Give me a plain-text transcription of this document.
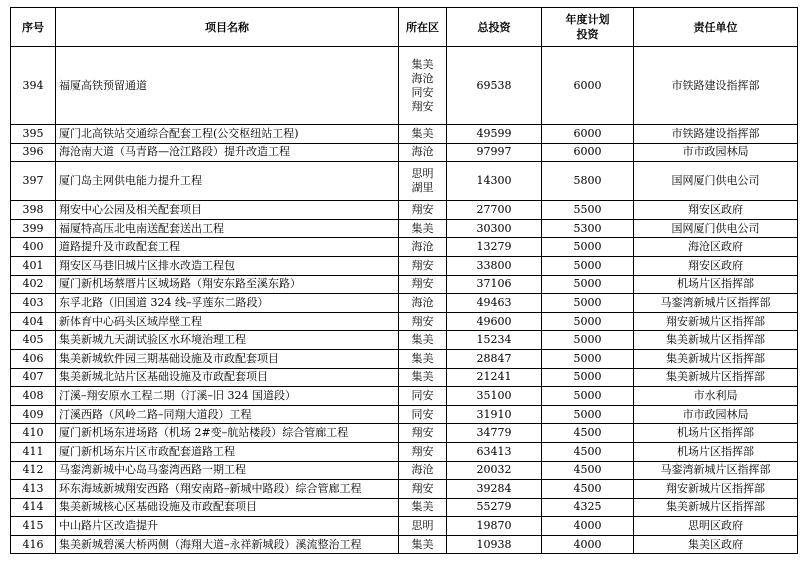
序号	项目名称	所在区	总投资	年度计划投资	责任单位
394	福厦高铁预留通道	集美
海沧
同安
翔安	69538	6000	市铁路建设指挥部
395	厦门北高铁站交通综合配套工程(公交枢纽站工程)	集美	49599	6000	市铁路建设指挥部
396	海沧南大道（马青路—沧江路段）提升改造工程	海沧	97997	6000	市市政园林局
397	厦门岛主网供电能力提升工程	思明
湖里	14300	5800	国网厦门供电公司
398	翔安中心公园及相关配套项目	翔安	27700	5500	翔安区政府
399	福厦特高压北电南送配套送出工程	集美	30300	5300	国网厦门供电公司
400	道路提升及市政配套工程	海沧	13279	5000	海沧区政府
401	翔安区马巷旧城片区排水改造工程包	翔安	33800	5000	翔安区政府
402	厦门新机场蔡厝片区城场路（翔安东路至溪东路）	翔安	37106	5000	机场片区指挥部
403	东孚北路（旧国道 324 线–孚莲东二路段）	海沧	49463	5000	马銮湾新城片区指挥部
404	新体育中心码头区域岸壁工程	翔安	49600	5000	翔安新城片区指挥部
405	集美新城九天湖试验区水环境治理工程	集美	15234	5000	集美新城片区指挥部
406	集美新城软件园三期基础设施及市政配套项目	集美	28847	5000	集美新城片区指挥部
407	集美新城北站片区基础设施及市政配套项目	集美	21241	5000	集美新城片区指挥部
408	汀溪–翔安原水工程二期（汀溪–旧 324 国道段）	同安	35100	5000	市水利局
409	汀溪西路（风岭二路–同翔大道段）工程	同安	31910	5000	市市政园林局
410	厦门新机场东进场路（机场 2#变–航站楼段）综合管廊工程	翔安	34779	4500	机场片区指挥部
411	厦门新机场东片区市政配套道路工程	翔安	63413	4500	机场片区指挥部
412	马銮湾新城中心岛马銮湾西路一期工程	海沧	20032	4500	马銮湾新城片区指挥部
413	环东海域新城翔安西路（翔安南路–新城中路段）综合管廊工程	翔安	39284	4500	翔安新城片区指挥部
414	集美新城核心区基础设施及市政配套项目	集美	55279	4325	集美新城片区指挥部
415	中山路片区改造提升	思明	19870	4000	思明区政府
416	集美新城碧溪大桥两侧（海翔大道–永祥新城段）溪流整治工程	集美	10938	4000	集美区政府
